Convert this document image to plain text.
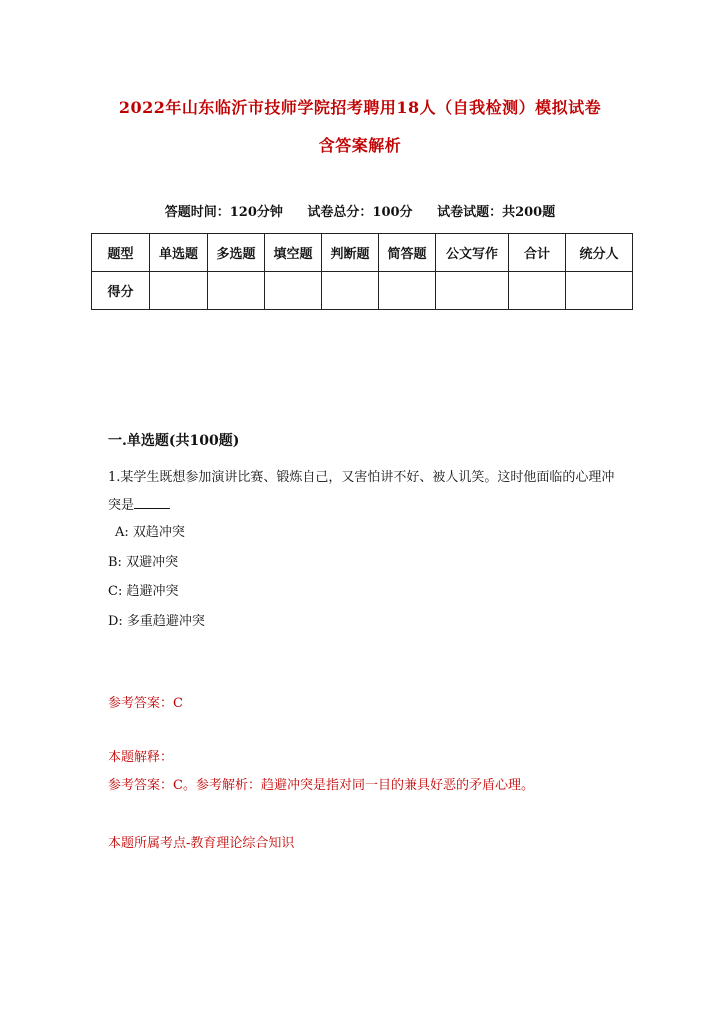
2022年山东临沂市技师学院招考聘用18人（自我检测）模拟试卷
含答案解析
答题时间：120分钟 试卷总分：100分 试卷试题：共200题
题型	单选题	多选题	填空题	判断题	简答题	公文写作	合计	统分人
得分								
一.单选题(共100题)
1.某学生既想参加演讲比赛、锻炼自己，又害怕讲不好、被人讥笑。这时他面临的心理冲突是
A: 双趋冲突
B: 双避冲突
C: 趋避冲突
D: 多重趋避冲突
参考答案：C
本题解释：
参考答案：C。参考解析：趋避冲突是指对同一目的兼具好恶的矛盾心理。
本题所属考点-教育理论综合知识
